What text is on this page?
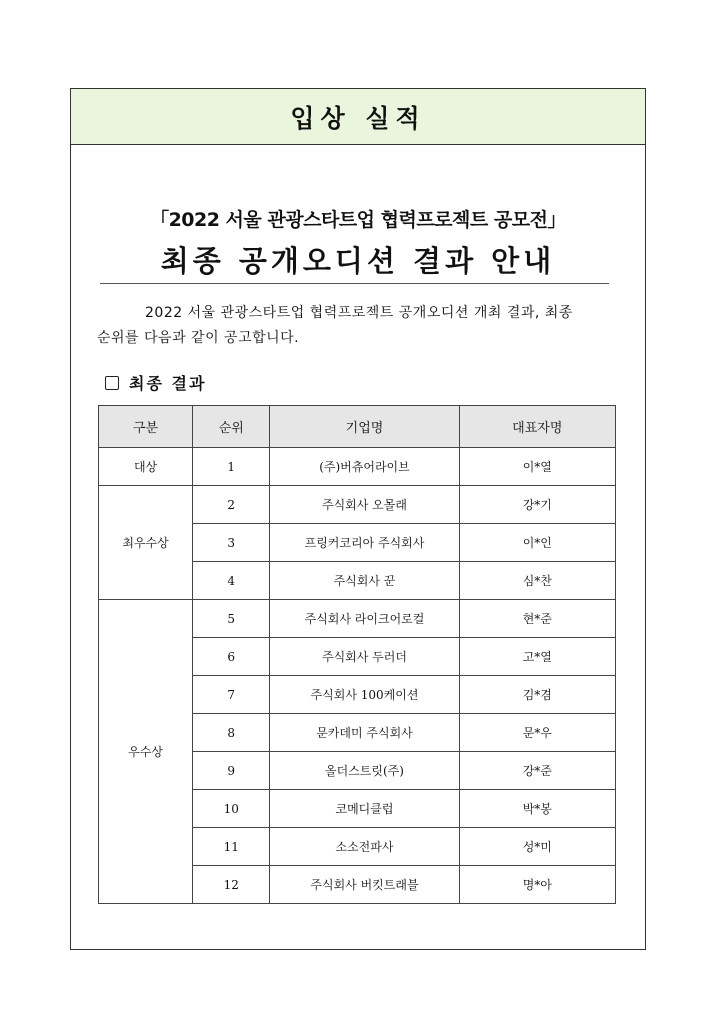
입상 실적
「2022 서울 관광스타트업 협력프로젝트 공모전」
최종 공개오디션 결과 안내
2022 서울 관광스타트업 협력프로젝트 공개오디션 개최 결과, 최종
순위를 다음과 같이 공고합니다.
최종 결과
구분	순위	기업명	대표자명
대상	1	(주)버츄어라이브	이*열
최우수상	2	주식회사 오몰래	강*기
	3	프링커코리아 주식회사	이*인
	4	주식회사 꾼	심*찬
우수상	5	주식회사 라이크어로컬	현*준
	6	주식회사 두러더	고*열
	7	주식회사 100케이션	김*겸
	8	문카데미 주식회사	문*우
	9	올더스트릿(주)	강*준
	10	코메디클럽	박*봉
	11	소소전파사	성*미
	12	주식회사 버킷트래블	명*아
